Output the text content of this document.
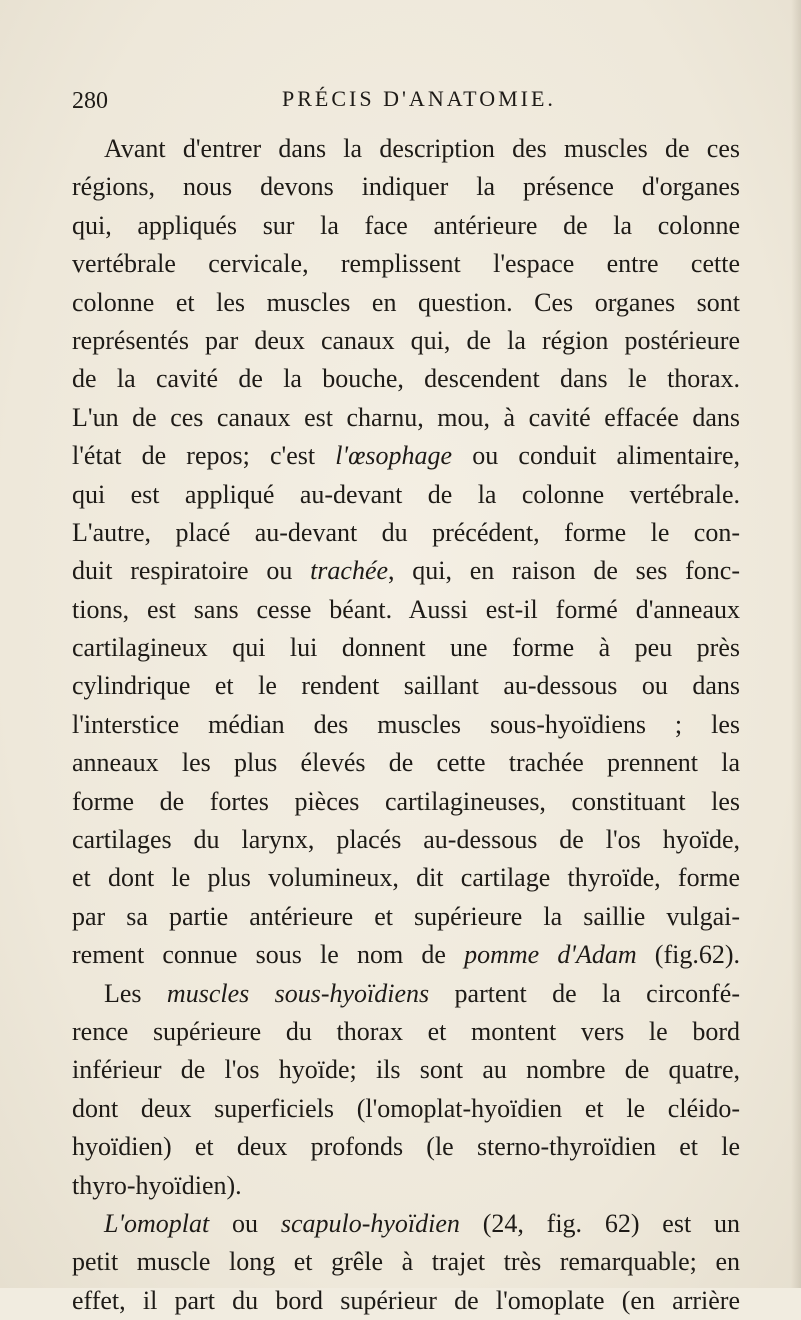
280	PRÉCIS D'ANATOMIE.
Avant d'entrer dans la description des muscles de ces
régions, nous devons indiquer la présence d'organes
qui, appliqués sur la face antérieure de la colonne
vertébrale cervicale, remplissent l'espace entre cette
colonne et les muscles en question. Ces organes sont
représentés par deux canaux qui, de la région postérieure
de la cavité de la bouche, descendent dans le thorax.
L'un de ces canaux est charnu, mou, à cavité effacée dans
l'état de repos; c'est l'œsophage ou conduit alimentaire,
qui est appliqué au-devant de la colonne vertébrale.
L'autre, placé au-devant du précédent, forme le con-
duit respiratoire ou trachée, qui, en raison de ses fonc-
tions, est sans cesse béant. Aussi est-il formé d'anneaux
cartilagineux qui lui donnent une forme à peu près
cylindrique et le rendent saillant au-dessous ou dans
l'interstice médian des muscles sous-hyoïdiens ; les
anneaux les plus élevés de cette trachée prennent la
forme de fortes pièces cartilagineuses, constituant les
cartilages du larynx, placés au-dessous de l'os hyoïde,
et dont le plus volumineux, dit cartilage thyroïde, forme
par sa partie antérieure et supérieure la saillie vulgai-
rement connue sous le nom de pomme d'Adam (fig.62).
Les muscles sous-hyoïdiens partent de la circonfé-
rence supérieure du thorax et montent vers le bord
inférieur de l'os hyoïde; ils sont au nombre de quatre,
dont deux superficiels (l'omoplat-hyoïdien et le cléido-
hyoïdien) et deux profonds (le sterno-thyroïdien et le
thyro-hyoïdien).
L'omoplat ou scapulo-hyoïdien (24, fig. 62) est un
petit muscle long et grêle à trajet très remarquable; en
effet, il part du bord supérieur de l'omoplate (en arrière
